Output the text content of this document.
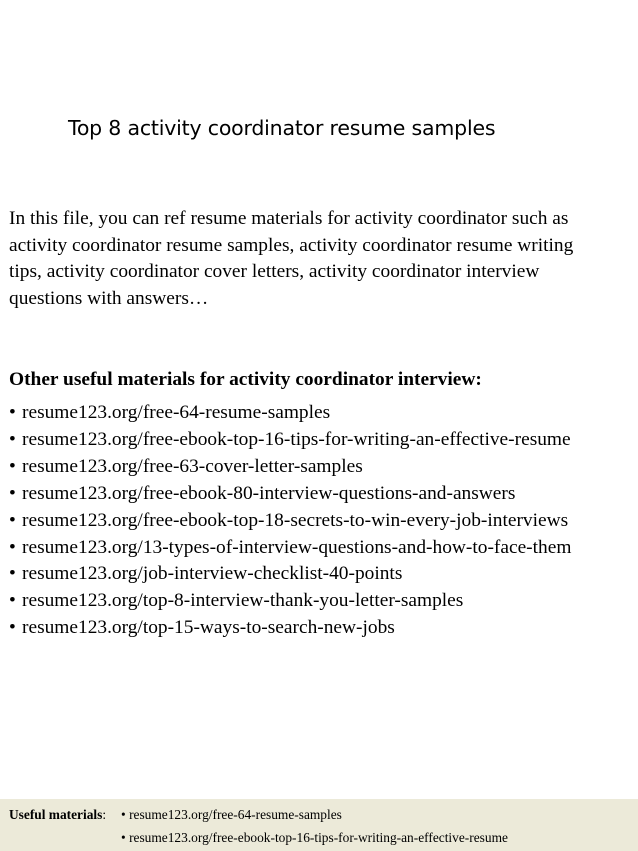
Top 8 activity coordinator resume samples
In this file, you can ref resume materials for activity coordinator such as
activity coordinator resume samples, activity coordinator resume writing
tips, activity coordinator cover letters, activity coordinator interview
questions with answers…
Other useful materials for activity coordinator interview:
• resume123.org/free-64-resume-samples
• resume123.org/free-ebook-top-16-tips-for-writing-an-effective-resume
• resume123.org/free-63-cover-letter-samples
• resume123.org/free-ebook-80-interview-questions-and-answers
• resume123.org/free-ebook-top-18-secrets-to-win-every-job-interviews
• resume123.org/13-types-of-interview-questions-and-how-to-face-them
• resume123.org/job-interview-checklist-40-points
• resume123.org/top-8-interview-thank-you-letter-samples
• resume123.org/top-15-ways-to-search-new-jobs
Useful materials: • resume123.org/free-64-resume-samples
• resume123.org/free-ebook-top-16-tips-for-writing-an-effective-resume
